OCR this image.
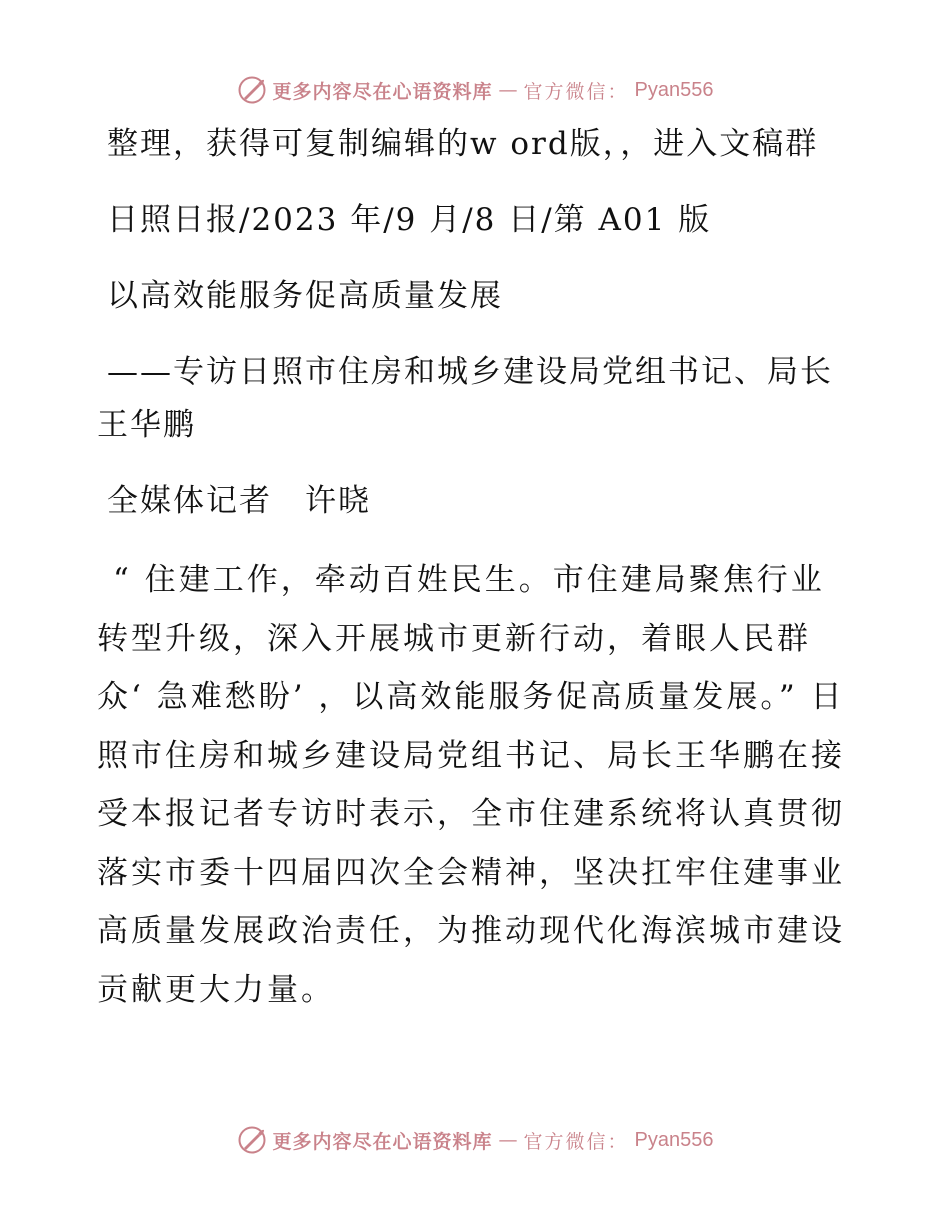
更多内容尽在心语资料库 — 官方微信： Pyan556

整理，获得可复制编辑的w ord版，，进入文稿群

日照日报/2023 年/9 月/8 日/第 A01 版

以高效能服务促高质量发展

——专访日照市住房和城乡建设局党组书记、局长王华鹏

全媒体记者　许晓

“ 住建工作，牵动百姓民生。市住建局聚焦行业转型升级，深入开展城市更新行动，着眼人民群众‘ 急难愁盼’ ，以高效能服务促高质量发展。” 日照市住房和城乡建设局党组书记、局长王华鹏在接受本报记者专访时表示，全市住建系统将认真贯彻落实市委十四届四次全会精神，坚决扛牢住建事业高质量发展政治责任，为推动现代化海滨城市建设贡献更大力量。

更多内容尽在心语资料库 — 官方微信： Pyan556
